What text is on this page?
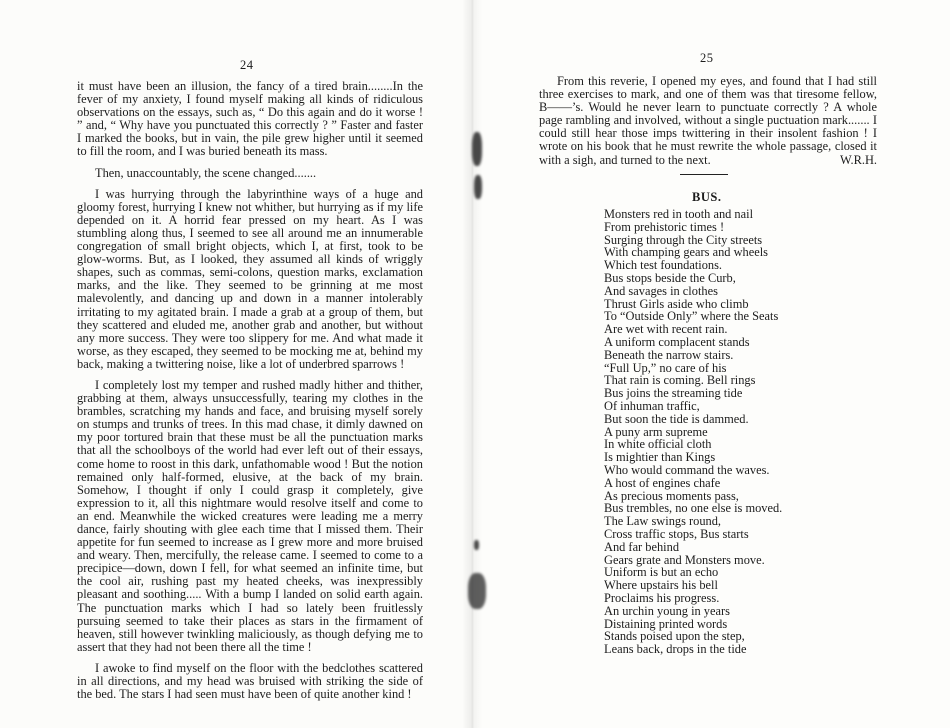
24

it must have been an illusion, the fancy of a tired brain........In the fever of my anxiety, I found myself making all kinds of ridiculous observations on the essays, such as, “ Do this again and do it worse ! ” and, “ Why have you punctuated this correctly ? ” Faster and faster I marked the books, but in vain, the pile grew higher until it seemed to fill the room, and I was buried beneath its mass.

Then, unaccountably, the scene changed.......

I was hurrying through the labyrinthine ways of a huge and gloomy forest, hurrying I knew not whither, but hurrying as if my life depended on it. A horrid fear pressed on my heart. As I was stumbling along thus, I seemed to see all around me an innumerable congregation of small bright objects, which I, at first, took to be glow-worms. But, as I looked, they assumed all kinds of wriggly shapes, such as commas, semi-colons, question marks, exclamation marks, and the like. They seemed to be grinning at me most malevolently, and dancing up and down in a manner intolerably irritating to my agitated brain. I made a grab at a group of them, but they scattered and eluded me, another grab and another, but without any more success. They were too slippery for me. And what made it worse, as they escaped, they seemed to be mocking me at, behind my back, making a twittering noise, like a lot of underbred sparrows !

I completely lost my temper and rushed madly hither and thither, grabbing at them, always unsuccessfully, tearing my clothes in the brambles, scratching my hands and face, and bruising myself sorely on stumps and trunks of trees. In this mad chase, it dimly dawned on my poor tortured brain that these must be all the punctuation marks that all the schoolboys of the world had ever left out of their essays, come home to roost in this dark, unfathomable wood ! But the notion remained only half-formed, elusive, at the back of my brain. Somehow, I thought if only I could grasp it completely, give expression to it, all this nightmare would resolve itself and come to an end. Meanwhile the wicked creatures were leading me a merry dance, fairly shouting with glee each time that I missed them. Their appetite for fun seemed to increase as I grew more and more bruised and weary. Then, mercifully, the release came. I seemed to come to a precipice—down, down I fell, for what seemed an infinite time, but the cool air, rushing past my heated cheeks, was inexpressibly pleasant and soothing..... With a bump I landed on solid earth again. The punctuation marks which I had so lately been fruitlessly pursuing seemed to take their places as stars in the firmament of heaven, still however twinkling maliciously, as though defying me to assert that they had not been there all the time !

I awoke to find myself on the floor with the bedclothes scattered in all directions, and my head was bruised with striking the side of the bed. The stars I had seen must have been of quite another kind !

25

From this reverie, I opened my eyes, and found that I had still three exercises to mark, and one of them was that tiresome fellow, B——’s. Would he never learn to punctuate correctly ? A whole page rambling and involved, without a single puctuation mark....... I could still hear those imps twittering in their insolent fashion ! I wrote on his book that he must rewrite the whole passage, closed it with a sigh, and turned to the next.	W.R.H.
BUS.
Monsters red in tooth and nail
From prehistoric times !
Surging through the City streets
With champing gears and wheels
Which test foundations.
Bus stops beside the Curb,
And savages in clothes
Thrust Girls aside who climb
To “Outside Only” where the Seats
Are wet with recent rain.
A uniform complacent stands
Beneath the narrow stairs.
“Full Up,” no care of his
That rain is coming. Bell rings
Bus joins the streaming tide
Of inhuman traffic,
But soon the tide is dammed.
A puny arm supreme
In white official cloth
Is mightier than Kings
Who would command the waves.
A host of engines chafe
As precious moments pass,
Bus trembles, no one else is moved.
The Law swings round,
Cross traffic stops, Bus starts
And far behind
Gears grate and Monsters move.
Uniform is but an echo
Where upstairs his bell
Proclaims his progress.
An urchin young in years
Distaining printed words
Stands poised upon the step,
Leans back, drops in the tide
